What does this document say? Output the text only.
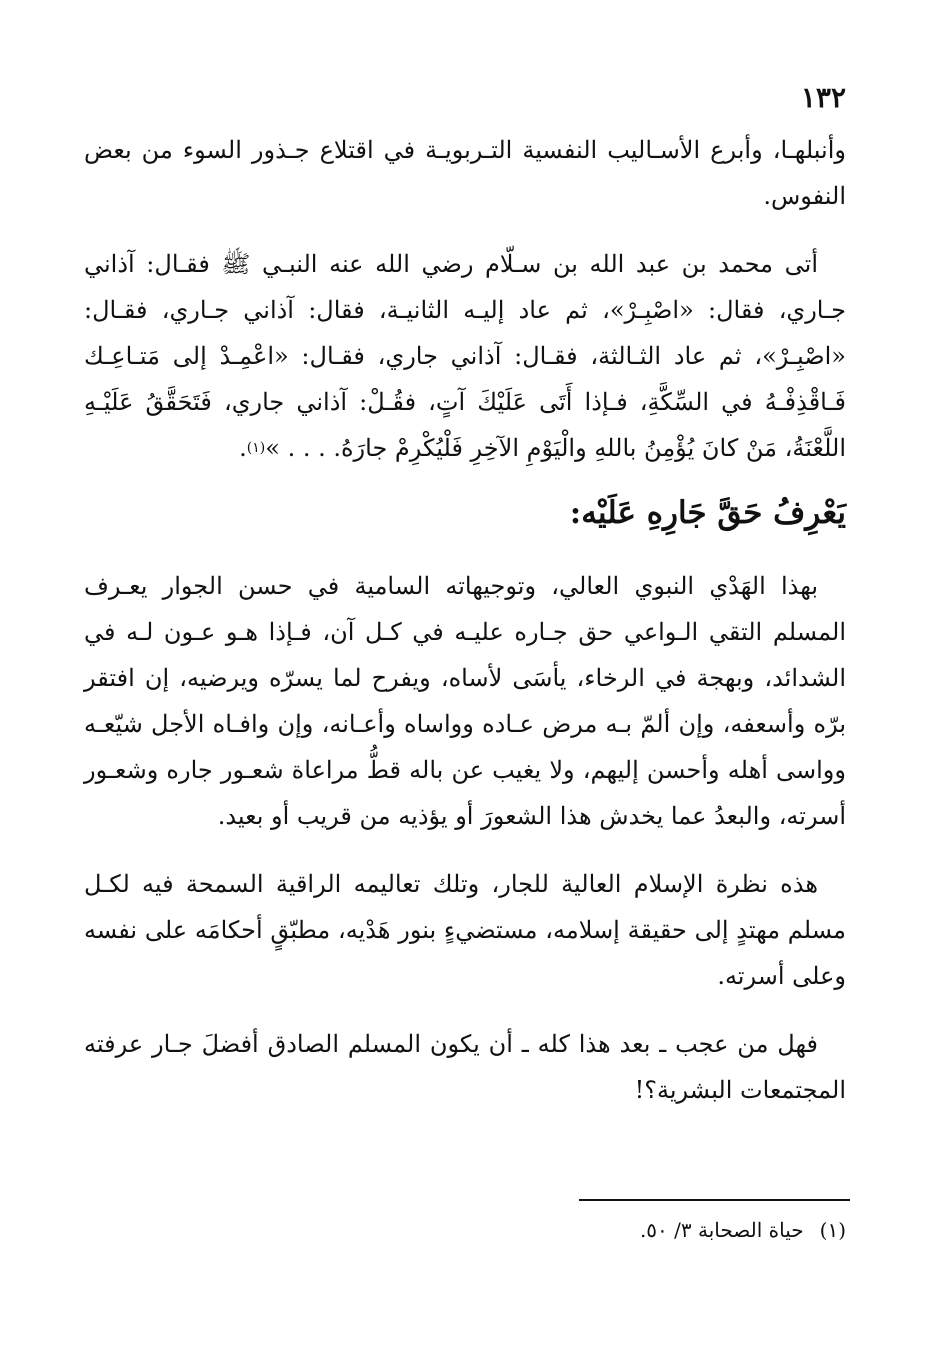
١٣٢

وأنبلهـا، وأبرع الأسـاليب النفسية التـربويـة في اقتلاع جـذور السوء من بعض النفوس.

أتى محمد بن عبد الله بن سـلّام رضي الله عنه النبـي ﷺ فقـال: آذاني جـاري، فقال: «اصْبِـرْ»، ثم عاد إليـه الثانيـة، فقال: آذاني جـاري، فقـال: «اصْبِـرْ»، ثم عاد الثـالثة، فقـال: آذاني جاري، فقـال: «اعْمِـدْ إلى مَتـاعِـك فَـاقْذِفْـهُ في السِّكَّةِ، فـإذا أَتَى عَلَيْكَ آتٍ، فقُـلْ: آذاني جاري، فَتَحَقَّقُ عَلَيْـهِ اللَّعْنَةُ، مَنْ كانَ يُؤْمِنُ باللهِ والْيَوْمِ الآخِرِ فَلْيُكْرِمْ جارَهُ. . . . »$^{(١)}$.

يَعْرِفُ حَقَّ جَارِهِ عَلَيْه:

بهذا الهَدْي النبوي العالي، وتوجيهاته السامية في حسن الجوار يعـرف المسلم التقي الـواعي حق جـاره عليـه في كـل آن، فـإذا هـو عـون لـه في الشدائد، وبهجة في الرخاء، يأسَى لأساه، ويفرح لما يسرّه ويرضيه، إن افتقر برّه وأسعفه، وإن ألمّ بـه مرض عـاده وواساه وأعـانه، وإن وافـاه الأجل شيّعـه وواسى أهله وأحسن إليهم، ولا يغيب عن باله قطُّ مراعاة شعـور جاره وشعـور أسرته، والبعدُ عما يخدش هذا الشعورَ أو يؤذيه من قريب أو بعيد.

هذه نظرة الإسلام العالية للجار، وتلك تعاليمه الراقية السمحة فيه لكـل مسلم مهتدٍ إلى حقيقة إسلامه، مستضيءٍ بنور هَدْيه، مطبّقٍ أحكامَه على نفسه وعلى أسرته.

فهل من عجب ـ بعد هذا كله ـ أن يكون المسلم الصادق أفضلَ جـار عرفته المجتمعات البشرية؟!

(١)حياة الصحابة ٣/ ٥٠.
